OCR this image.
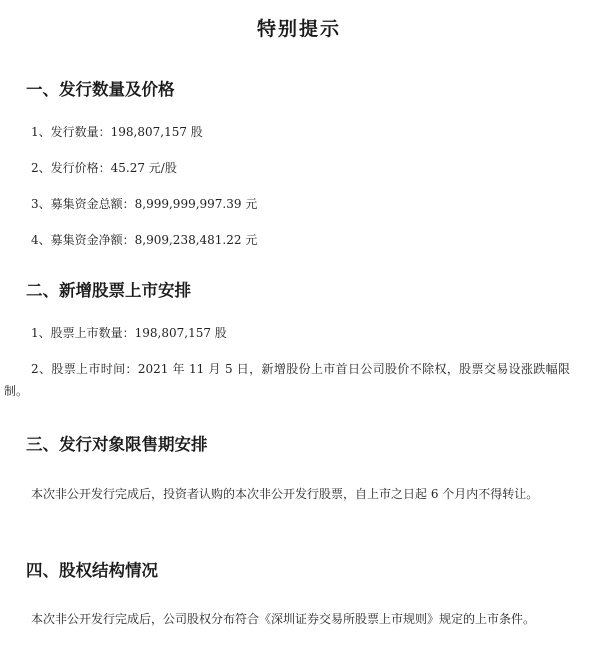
特别提示
一、发行数量及价格
1、发行数量：198,807,157 股
2、发行价格：45.27 元/股
3、募集资金总额：8,999,999,997.39 元
4、募集资金净额：8,909,238,481.22 元
二、新增股票上市安排
1、股票上市数量：198,807,157 股
2、股票上市时间：2021 年 11 月 5 日，新增股份上市首日公司股价不除权，股票交易设涨跌幅限制。
三、发行对象限售期安排
本次非公开发行完成后，投资者认购的本次非公开发行股票，自上市之日起 6 个月内不得转让。
四、股权结构情况
本次非公开发行完成后，公司股权分布符合《深圳证券交易所股票上市规则》规定的上市条件。
